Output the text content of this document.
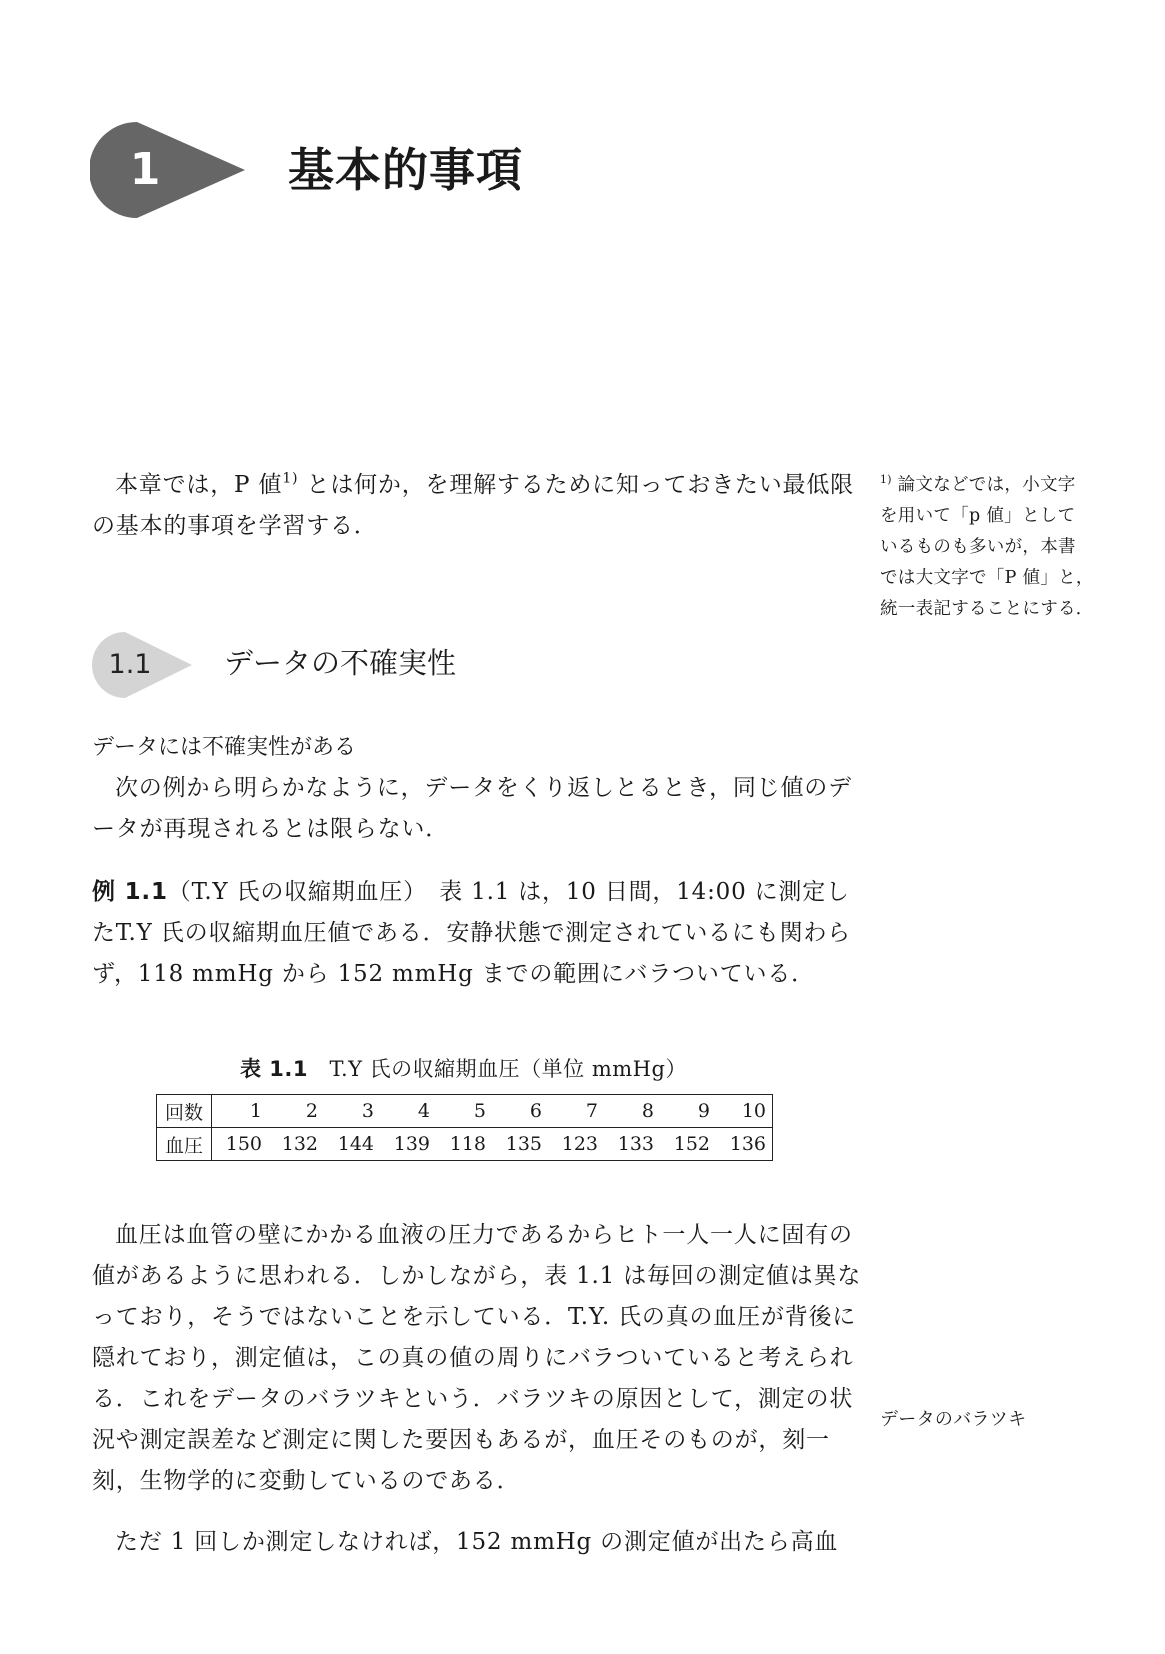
1	基本的事項

本章では，P 値$^{1)}$ とは何か，を理解するために知っておきたい最低限の基本的事項を学習する．

$^{1)}$ 論文などでは，小文字
を用いて「p 値」として
いるものも多いが，本書
では大文字で「P 値」と，
統一表記することにする．
1.1	データの不確実性
データには不確実性がある

次の例から明らかなように，データをくり返しとるとき，同じ値のデータが再現されるとは限らない．

例 1.1（T.Y 氏の収縮期血圧）　表 1.1 は，10 日間，14:00 に測定したT.Y 氏の収縮期血圧値である．安静状態で測定されているにも関わらず，118 mmHg から 152 mmHg までの範囲にバラついている．

表 1.1 T.Y 氏の収縮期血圧（単位 mmHg）
回数	1	2	3	4	5	6	7	8	9	10
血圧	150	132	144	139	118	135	123	133	152	136

血圧は血管の壁にかかる血液の圧力であるからヒト一人一人に固有の値があるように思われる．しかしながら，表 1.1 は毎回の測定値は異なっており，そうではないことを示している．T.Y. 氏の真の血圧が背後に隠れており，測定値は，この真の値の周りにバラついていると考えられる．これをデータのバラツキという．バラツキの原因として，測定の状況や測定誤差など測定に関した要因もあるが，血圧そのものが，刻一刻，生物学的に変動しているのである．

データのバラツキ

ただ 1 回しか測定しなければ，152 mmHg の測定値が出たら高血
